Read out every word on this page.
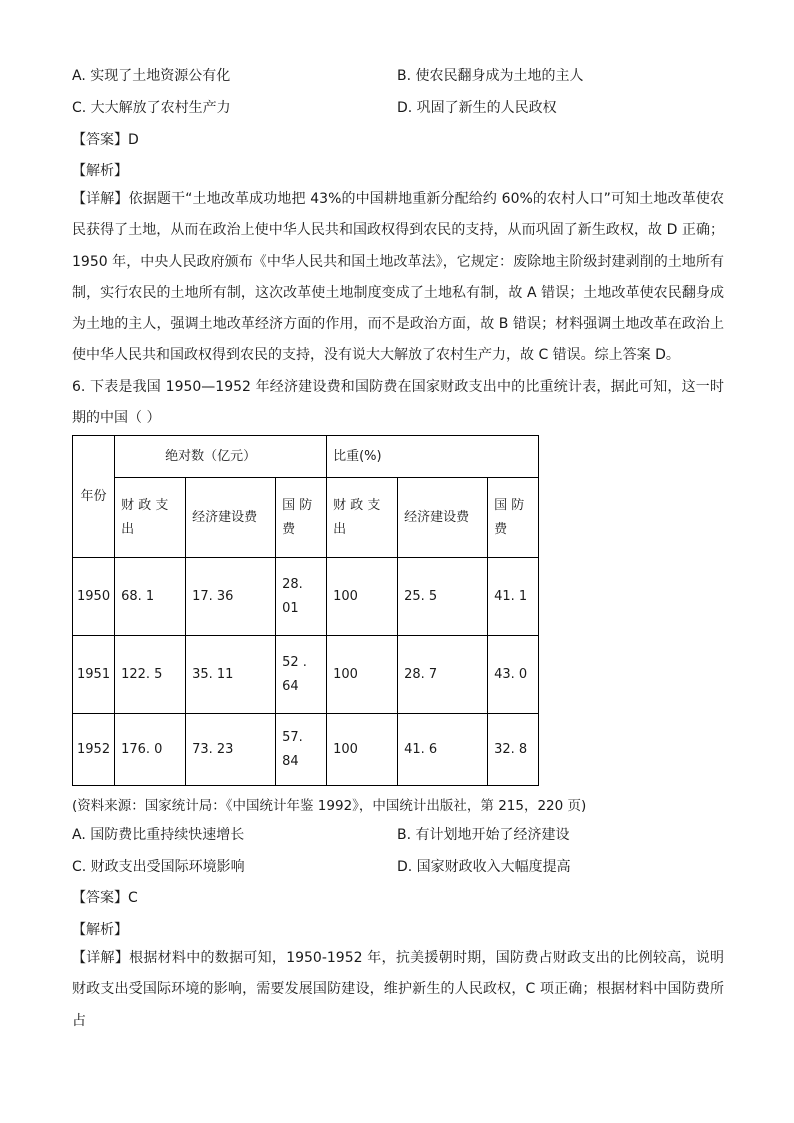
A. 实现了土地资源公有化	B. 使农民翻身成为土地的主人
C. 大大解放了农村生产力	D. 巩固了新生的人民政权
【答案】D
【解析】

【详解】依据题干“土地改革成功地把 43%的中国耕地重新分配给约 60%的农村人口”可知土地改革使农民获得了土地，从而在政治上使中华人民共和国政权得到农民的支持，从而巩固了新生政权，故 D 正确；1950 年，中央人民政府颁布《中华人民共和国土地改革法》，它规定：废除地主阶级封建剥削的土地所有制，实行农民的土地所有制，这次改革使土地制度变成了土地私有制，故 A 错误；土地改革使农民翻身成为土地的主人，强调土地改革经济方面的作用，而不是政治方面，故 B 错误；材料强调土地改革在政治上使中华人民共和国政权得到农民的支持，没有说大大解放了农村生产力，故 C 错误。综上答案 D。

6. 下表是我国 1950—1952 年经济建设费和国防费在国家财政支出中的比重统计表，据此可知，这一时期的中国（ ）

年份	绝对数（亿元）			比重(%)		
	财 政 支 出	经济建设费	国 防 费	财 政 支 出	经济建设费	国 防 费
1950	68. 1	17. 36	28. 01	100	25. 5	41. 1
1951	122. 5	35. 11	52 . 64	100	28. 7	43. 0
1952	176. 0	73. 23	57. 84	100	41. 6	32. 8
(资料来源：国家统计局：《中国统计年鉴 1992》，中国统计出版社，第 215，220 页)
A. 国防费比重持续快速增长	B. 有计划地开始了经济建设
C. 财政支出受国际环境影响	D. 国家财政收入大幅度提高
【答案】C
【解析】

【详解】根据材料中的数据可知，1950-1952 年，抗美援朝时期，国防费占财政支出的比例较高，说明财政支出受国际环境的影响，需要发展国防建设，维护新生的人民政权，C 项正确；根据材料中国防费所占
